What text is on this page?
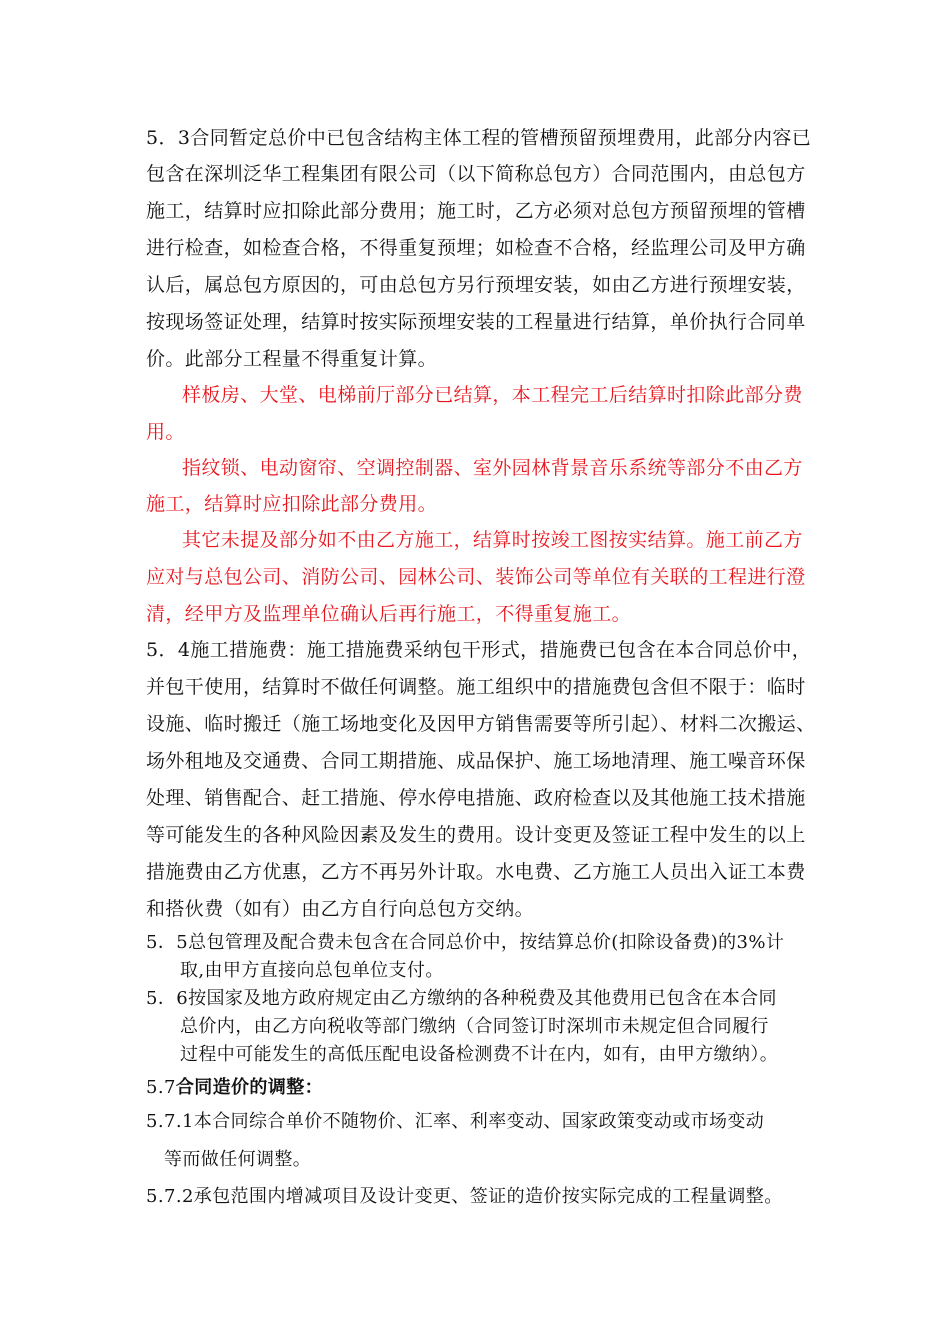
5．3合同暂定总价中已包含结构主体工程的管槽预留预埋费用，此部分内容已
包含在深圳泛华工程集团有限公司（以下简称总包方）合同范围内，由总包方
施工，结算时应扣除此部分费用；施工时，乙方必须对总包方预留预埋的管槽
进行检查，如检查合格，不得重复预埋；如检查不合格，经监理公司及甲方确
认后，属总包方原因的，可由总包方另行预埋安装，如由乙方进行预埋安装，
按现场签证处理，结算时按实际预埋安装的工程量进行结算，单价执行合同单
价。此部分工程量不得重复计算。
样板房、大堂、电梯前厅部分已结算，本工程完工后结算时扣除此部分费
用。
指纹锁、电动窗帘、空调控制器、室外园林背景音乐系统等部分不由乙方
施工，结算时应扣除此部分费用。
其它未提及部分如不由乙方施工，结算时按竣工图按实结算。施工前乙方
应对与总包公司、消防公司、园林公司、装饰公司等单位有关联的工程进行澄
清，经甲方及监理单位确认后再行施工，不得重复施工。
5．4施工措施费：施工措施费采纳包干形式，措施费已包含在本合同总价中，
并包干使用，结算时不做任何调整。施工组织中的措施费包含但不限于：临时
设施、临时搬迁（施工场地变化及因甲方销售需要等所引起）、材料二次搬运、
场外租地及交通费、合同工期措施、成品保护、施工场地清理、施工噪音环保
处理、销售配合、赶工措施、停水停电措施、政府检查以及其他施工技术措施
等可能发生的各种风险因素及发生的费用。设计变更及签证工程中发生的以上
措施费由乙方优惠，乙方不再另外计取。水电费、乙方施工人员出入证工本费
和搭伙费（如有）由乙方自行向总包方交纳。
5．5总包管理及配合费未包含在合同总价中，按结算总价(扣除设备费)的3%计
取,由甲方直接向总包单位支付。
5．6按国家及地方政府规定由乙方缴纳的各种税费及其他费用已包含在本合同
总价内，由乙方向税收等部门缴纳（合同签订时深圳市未规定但合同履行
过程中可能发生的高低压配电设备检测费不计在内，如有，由甲方缴纳）。
5.7合同造价的调整：
5.7.1本合同综合单价不随物价、汇率、利率变动、国家政策变动或市场变动
等而做任何调整。
5.7.2承包范围内增减项目及设计变更、签证的造价按实际完成的工程量调整。
